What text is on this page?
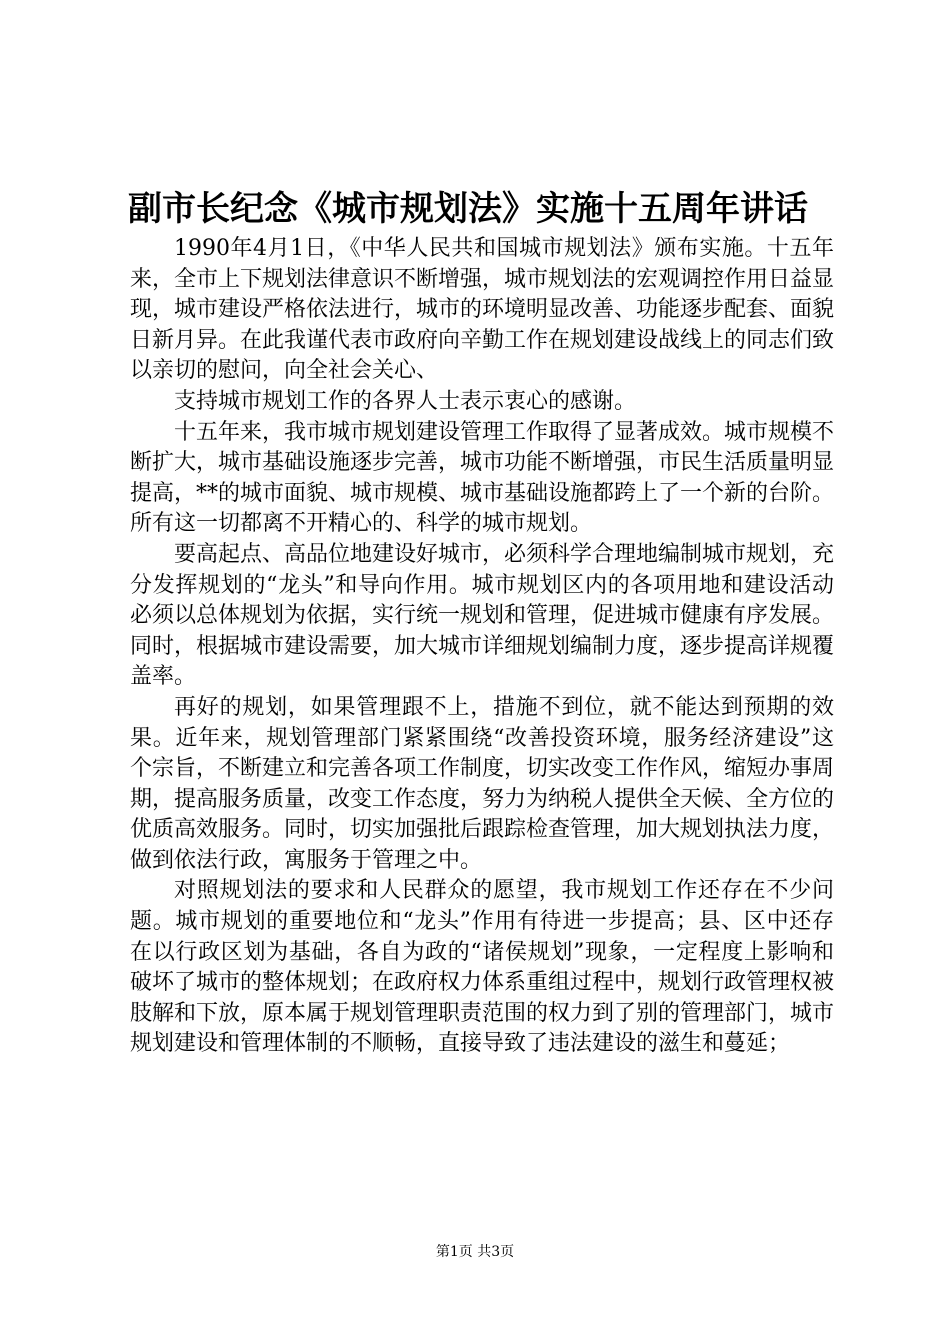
副市长纪念《城市规划法》实施十五周年讲话

1990年4月1日，《中华人民共和国城市规划法》颁布实施。十五年来，全市上下规划法律意识不断增强，城市规划法的宏观调控作用日益显现，城市建设严格依法进行，城市的环境明显改善、功能逐步配套、面貌日新月异。在此我谨代表市政府向辛勤工作在规划建设战线上的同志们致以亲切的慰问，向全社会关心、

支持城市规划工作的各界人士表示衷心的感谢。

十五年来，我市城市规划建设管理工作取得了显著成效。城市规模不断扩大，城市基础设施逐步完善，城市功能不断增强，市民生活质量明显提高，**的城市面貌、城市规模、城市基础设施都跨上了一个新的台阶。所有这一切都离不开精心的、科学的城市规划。

要高起点、高品位地建设好城市，必须科学合理地编制城市规划，充分发挥规划的“龙头”和导向作用。城市规划区内的各项用地和建设活动必须以总体规划为依据，实行统一规划和管理，促进城市健康有序发展。同时，根据城市建设需要，加大城市详细规划编制力度，逐步提高详规覆盖率。

再好的规划，如果管理跟不上，措施不到位，就不能达到预期的效果。近年来，规划管理部门紧紧围绕“改善投资环境，服务经济建设”这个宗旨，不断建立和完善各项工作制度，切实改变工作作风，缩短办事周期，提高服务质量，改变工作态度，努力为纳税人提供全天候、全方位的优质高效服务。同时，切实加强批后跟踪检查管理，加大规划执法力度，做到依法行政，寓服务于管理之中。

对照规划法的要求和人民群众的愿望，我市规划工作还存在不少问题。城市规划的重要地位和“龙头”作用有待进一步提高；县、区中还存在以行政区划为基础，各自为政的“诸侯规划”现象，一定程度上影响和破坏了城市的整体规划；在政府权力体系重组过程中，规划行政管理权被肢解和下放，原本属于规划管理职责范围的权力到了别的管理部门，城市规划建设和管理体制的不顺畅，直接导致了违法建设的滋生和蔓延；

第1页 共3页
